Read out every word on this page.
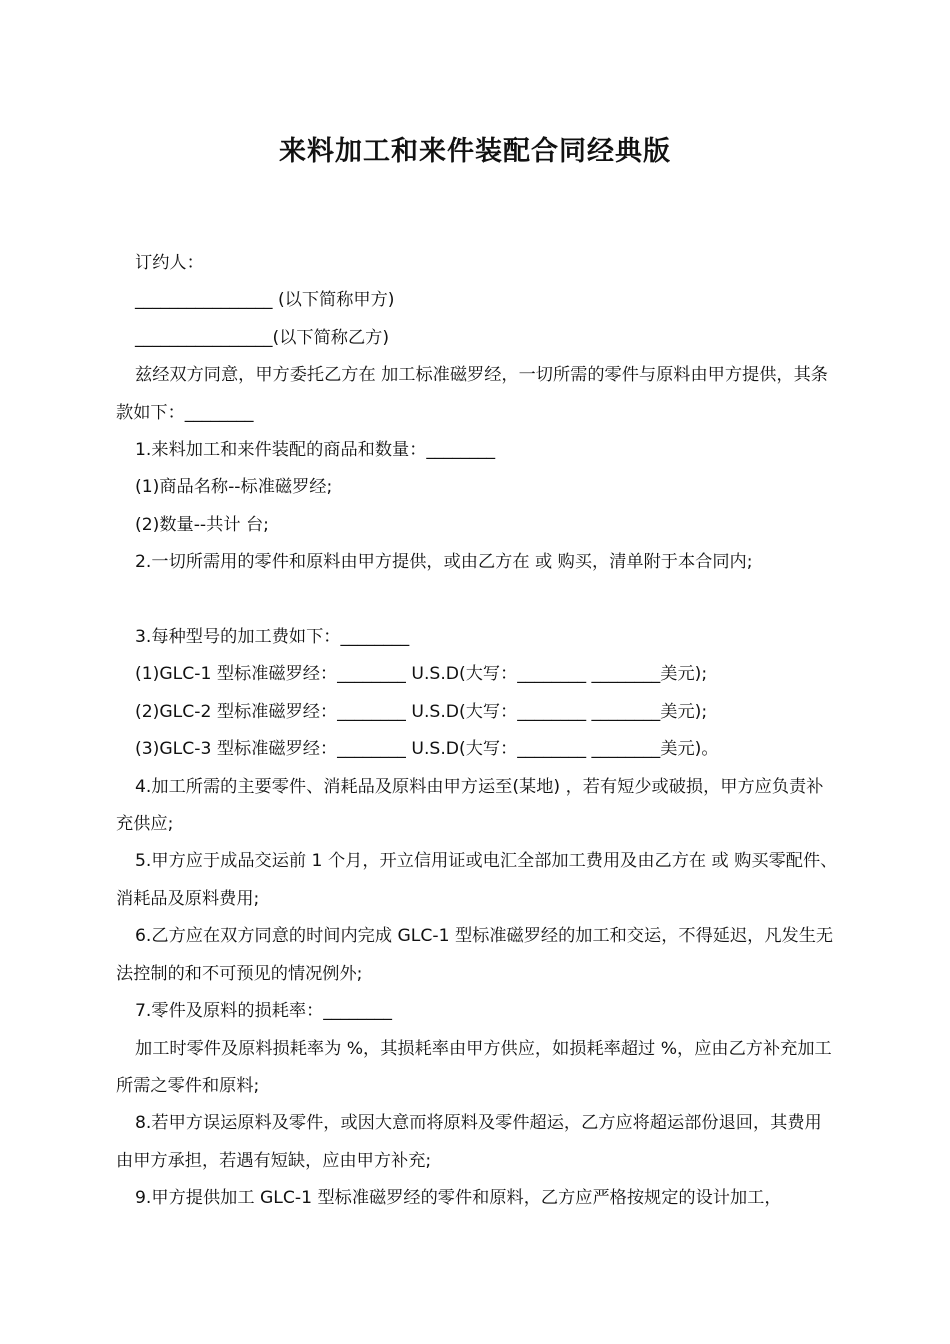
来料加工和来件装配合同经典版

订约人：

________________ (以下简称甲方)

________________(以下简称乙方)

兹经双方同意，甲方委托乙方在 加工标准磁罗经，一切所需的零件与原料由甲方提供，其条款如下：________

1.来料加工和来件装配的商品和数量：________

(1)商品名称--标准磁罗经;

(2)数量--共计 台;

2.一切所需用的零件和原料由甲方提供，或由乙方在 或 购买，清单附于本合同内;

3.每种型号的加工费如下：________

(1)GLC-1 型标准磁罗经：________ U.S.D(大写：________ ________美元);

(2)GLC-2 型标准磁罗经：________ U.S.D(大写：________ ________美元);

(3)GLC-3 型标准磁罗经：________ U.S.D(大写：________ ________美元)。

4.加工所需的主要零件、消耗品及原料由甲方运至(某地) ，若有短少或破损，甲方应负责补充供应;

5.甲方应于成品交运前 1 个月，开立信用证或电汇全部加工费用及由乙方在 或 购买零配件、消耗品及原料费用;

6.乙方应在双方同意的时间内完成 GLC-1 型标准磁罗经的加工和交运，不得延迟，凡发生无法控制的和不可预见的情况例外;

7.零件及原料的损耗率：________

加工时零件及原料损耗率为 %，其损耗率由甲方供应，如损耗率超过 %，应由乙方补充加工所需之零件和原料;

8.若甲方误运原料及零件，或因大意而将原料及零件超运，乙方应将超运部份退回，其费用由甲方承担，若遇有短缺，应由甲方补充;

9.甲方提供加工 GLC-1 型标准磁罗经的零件和原料，乙方应严格按规定的设计加工，
